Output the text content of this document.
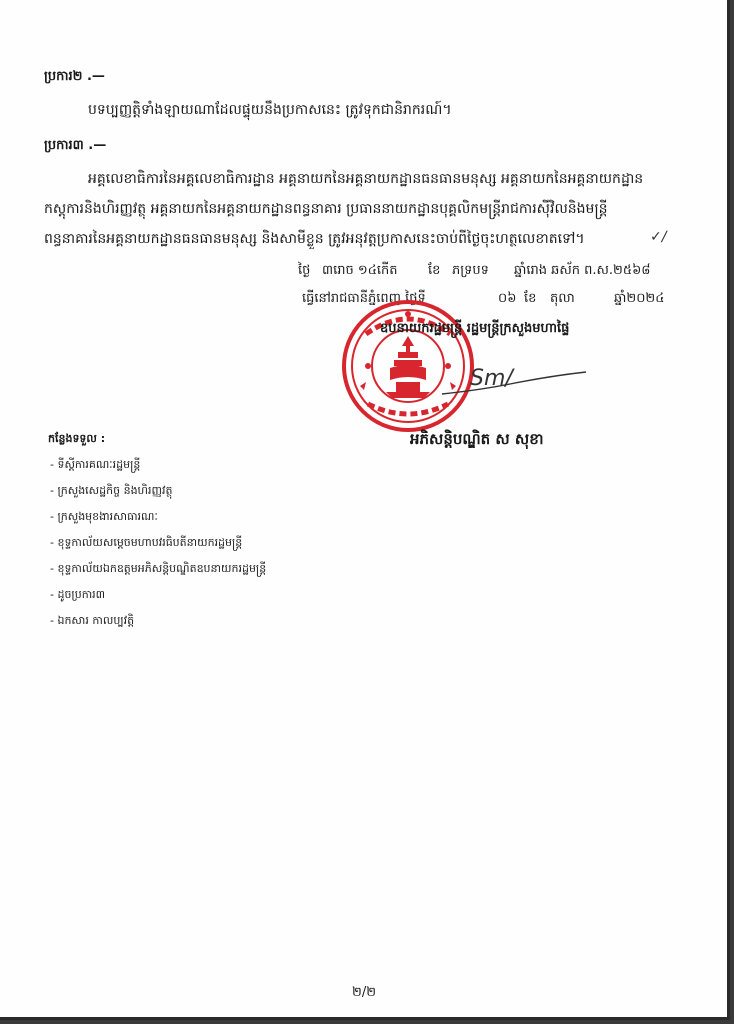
ប្រការ២ .—
បទប្បញ្ញត្តិទាំងឡាយណាដែលផ្ទុយនឹងប្រកាសនេះ ត្រូវទុកជានិរាករណ៍។
ប្រការ៣ .—
អគ្គលេខាធិការនៃអគ្គលេខាធិការដ្ឋាន អគ្គនាយកនៃអគ្គនាយកដ្ឋានធនធានមនុស្ស អគ្គនាយកនៃអគ្គនាយកដ្ឋាន
កស្តុការនិងហិរញ្ញវត្ថុ អគ្គនាយកនៃអគ្គនាយកដ្ឋានពន្ធនាគារ ប្រធាននាយកដ្ឋានបុគ្គលិកមន្ត្រីរាជការស៊ីវិលនិងមន្ត្រី
ពន្ធនាគារនៃអគ្គនាយកដ្ឋានធនធានមនុស្ស និងសាមីខ្លួន ត្រូវអនុវត្តប្រកាសនេះចាប់ពីថ្ងៃចុះហត្ថលេខាតទៅ។	✓∕
ថ្ងៃ ៣រោច ១៤កើត ខែ ភទ្របទ ឆ្នាំរោង ឆស័ក ព.ស.២៥៦៨
ធ្វើនៅរាជធានីភ្នំពេញ ថ្ងៃទី	០៦ ខែ តុលា	ឆ្នាំ២០២៤
ឧបនាយករដ្ឋមន្ត្រី រដ្ឋមន្ត្រីក្រសួងមហាផ្ទៃ
Sm/
អភិសន្តិបណ្ឌិត ស សុខា
កន្លែងទទួល :
- ទីស្តីការគណៈរដ្ឋមន្ត្រី
- ក្រសួងសេដ្ឋកិច្ច និងហិរញ្ញវត្ថុ
- ក្រសួងមុខងារសាធារណៈ
- ខុទ្ទកាល័យសម្តេចមហាបវរធិបតីនាយករដ្ឋមន្ត្រី
- ខុទ្ទកាល័យឯកឧត្តមអភិសន្តិបណ្ឌិតឧបនាយករដ្ឋមន្ត្រី
- ដូចប្រការ៣
- ឯកសារ កាលប្បវត្តិ
២/២
